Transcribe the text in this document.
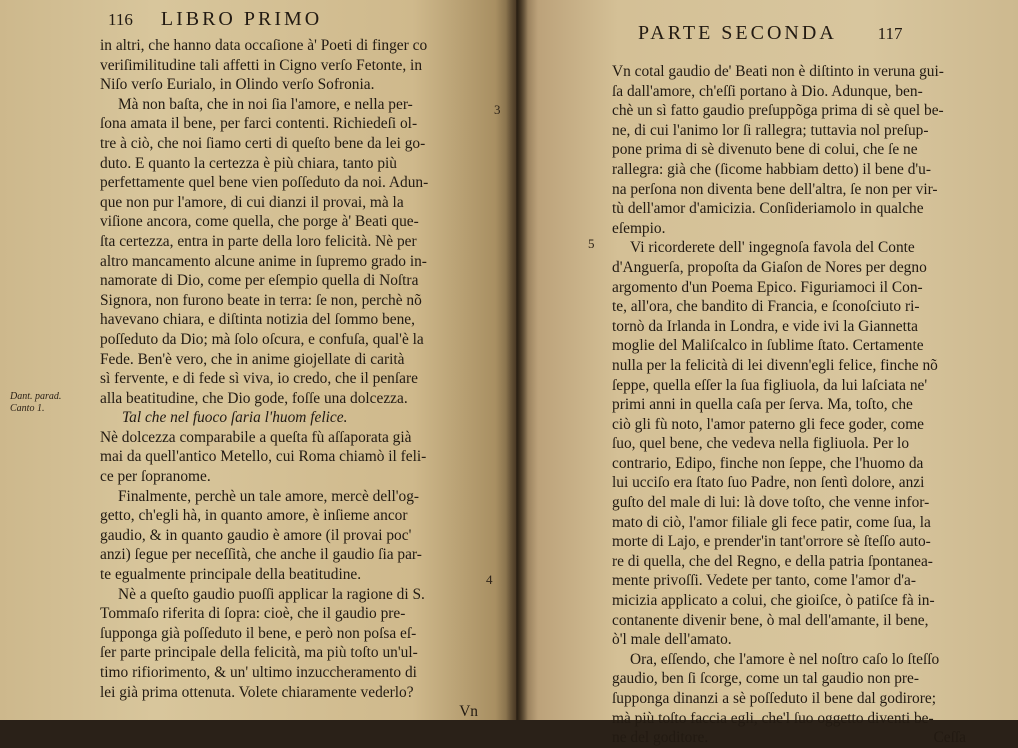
116 LIBRO PRIMO
Dant. parad. Canto 1.
3
4
in altri, che hanno data occaſione à' Poeti di finger co
veriſimilitudine tali affetti in Cigno verſo Fetonte, in
Niſo verſo Eurialo, in Olindo verſo Sofronia.
Mà non baſta, che in noi ſia l'amore, e nella per-
ſona amata il bene, per farci contenti. Richiedeſi ol-
tre à ciò, che noi ſiamo certi di queſto bene da lei go-
duto. E quanto la certezza è più chiara, tanto più
perfettamente quel bene vien poſſeduto da noi. Adun-
que non pur l'amore, di cui dianzi il provai, mà la
viſione ancora, come quella, che porge à' Beati que-
ſta certezza, entra in parte della loro felicità. Nè per
altro mancamento alcune anime in ſupremo grado in-
namorate di Dio, come per eſempio quella di Noſtra
Signora, non furono beate in terra: ſe non, perchè nõ
havevano chiara, e diſtinta notizia del ſommo bene,
poſſeduto da Dio; mà ſolo oſcura, e confuſa, qual'è la
Fede. Ben'è vero, che in anime giojellate di carità
sì fervente, e di fede sì viva, io credo, che il penſare
alla beatitudine, che Dio gode, foſſe una dolcezza.
Tal che nel fuoco ſaria l'huom felice.
Nè dolcezza comparabile a queſta fù aſſaporata già
mai da quell'antico Metello, cui Roma chiamò il feli-
ce per ſopranome.
Finalmente, perchè un tale amore, mercè dell'og-
getto, ch'egli hà, in quanto amore, è inſieme ancor
gaudio, & in quanto gaudio è amore (il provai poc'
anzi) ſegue per neceſſità, che anche il gaudio ſia par-
te egualmente principale della beatitudine.
Nè a queſto gaudio puoſſi applicar la ragione di S.
Tommaſo riferita di ſopra: cioè, che il gaudio pre-
ſupponga già poſſeduto il bene, e però non poſsa eſ-
ſer parte principale della felicità, ma più toſto un'ul-
timo rifiorimento, & un' ultimo inzuccheramento di
lei già prima ottenuta. Volete chiaramente vederlo?
Vn
PARTE SECONDA 117
5
Vn cotal gaudio de' Beati non è diſtinto in veruna gui-
ſa dall'amore, ch'eſſi portano à Dio. Adunque, ben-
chè un sì fatto gaudio preſuppõga prima di sè quel be-
ne, di cui l'animo lor ſi rallegra; tuttavia nol preſup-
pone prima di sè divenuto bene di colui, che ſe ne
rallegra: già che (ſicome habbiam detto) il bene d'u-
na perſona non diventa bene dell'altra, ſe non per vir-
tù dell'amor d'amicizia. Conſideriamolo in qualche
eſempio.
Vi ricorderete dell' ingegnoſa favola del Conte
d'Anguerſa, propoſta da Giaſon de Nores per degno
argomento d'un Poema Epico. Figuriamoci il Con-
te, all'ora, che bandito di Francia, e ſconoſciuto ri-
tornò da Irlanda in Londra, e vide ivi la Giannetta
moglie del Maliſcalco in ſublime ſtato. Certamente
nulla per la felicità di lei divenn'egli felice, finche nõ
ſeppe, quella eſſer la ſua figliuola, da lui laſciata ne'
primi anni in quella caſa per ſerva. Ma, toſto, che
ciò gli fù noto, l'amor paterno gli fece goder, come
ſuo, quel bene, che vedeva nella figliuola. Per lo
contrario, Edipo, finche non ſeppe, che l'huomo da
lui ucciſo era ſtato ſuo Padre, non ſentì dolore, anzi
guſto del male di lui: là dove toſto, che venne infor-
mato di ciò, l'amor filiale gli fece patir, come ſua, la
morte di Lajo, e prender'in tant'orrore sè ſteſſo auto-
re di quella, che del Regno, e della patria ſpontanea-
mente privoſſi. Vedete per tanto, come l'amor d'a-
micizia applicato a colui, che gioiſce, ò patiſce fà in-
contanente divenir bene, ò mal dell'amante, il bene,
ò'l male dell'amato.
Ora, eſſendo, che l'amore è nel noſtro caſo lo ſteſſo
gaudio, ben ſi ſcorge, come un tal gaudio non pre-
ſupponga dinanzi a sè poſſeduto il bene dal godirore;
mà più toſto faccia egli, che'l ſuo oggetto diventi be-
ne del goditore.	Ceſſa
